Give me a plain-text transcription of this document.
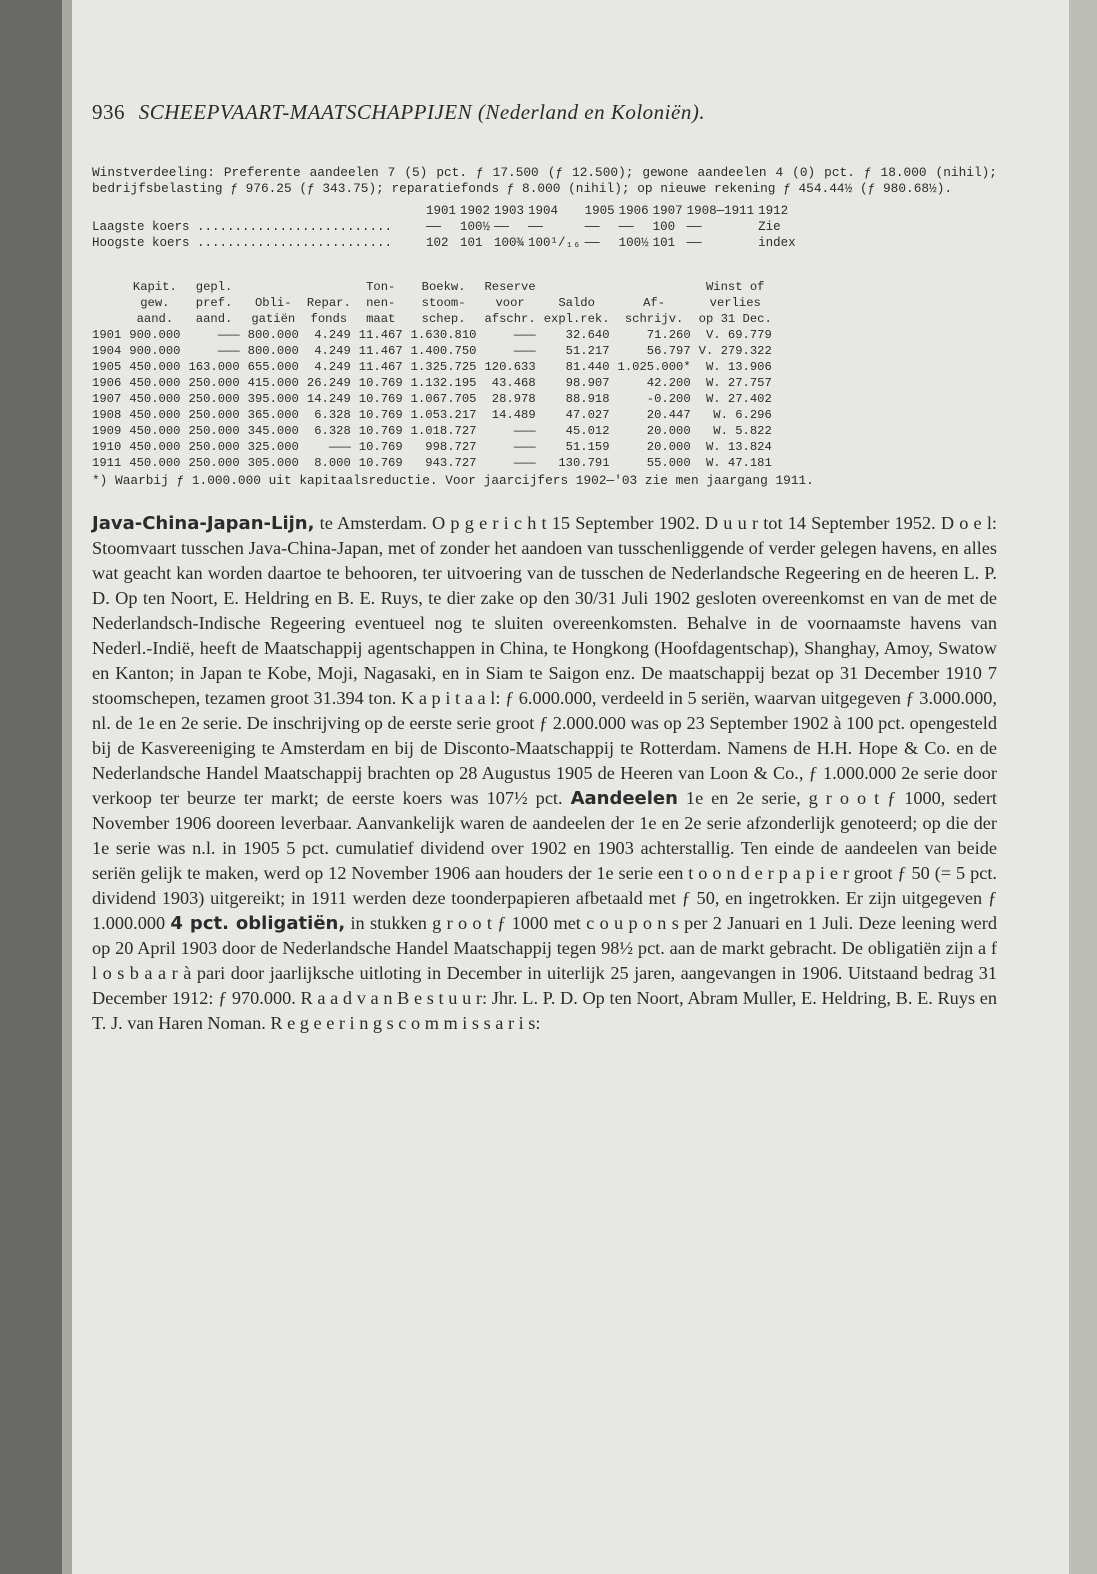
936 SCHEEPVAART-MAATSCHAPPIJEN (Nederland en Koloniën).
Winstverdeeling: Preferente aandeelen 7 (5) pct. ƒ 17.500 (ƒ 12.500); gewone aandeelen 4 (0) pct. ƒ 18.000 (nihil); bedrijfsbelasting ƒ 976.25 (ƒ 343.75); reparatiefonds ƒ 8.000 (nihil); op nieuwe rekening ƒ 454.44½ (ƒ 980.68½).
	1901	1902	1903	1904	1905	1906	1907	1908—1911	1912
Laagste koers ..........................	——	100½	——	——	——	——	100	——	Zie
Hoogste koers ..........................	102	101	100¾	100¹/₁₆	——	100½	101	——	index
	Kapit.	gepl.			Ton-	Boekw.	Reserve			Winst of
	gew.	pref.	Obli-	Repar.	nen-	stoom-	voor	Saldo	Af-	verlies
	aand.	aand.	gatiën	fonds	maat	schep.	afschr.	expl.rek.	schrijv.	op 31 Dec.
1901	900.000	———	800.000	4.249	11.467	1.630.810	———	32.640	71.260	V. 69.779
1904	900.000	———	800.000	4.249	11.467	1.400.750	———	51.217	56.797	V. 279.322
1905	450.000	163.000	655.000	4.249	11.467	1.325.725	120.633	81.440	1.025.000*	W. 13.906
1906	450.000	250.000	415.000	26.249	10.769	1.132.195	43.468	98.907	42.200	W. 27.757
1907	450.000	250.000	395.000	14.249	10.769	1.067.705	28.978	88.918	-0.200	W. 27.402
1908	450.000	250.000	365.000	6.328	10.769	1.053.217	14.489	47.027	20.447	W. 6.296
1909	450.000	250.000	345.000	6.328	10.769	1.018.727	———	45.012	20.000	W. 5.822
1910	450.000	250.000	325.000	———	10.769	998.727	———	51.159	20.000	W. 13.824
1911	450.000	250.000	305.000	8.000	10.769	943.727	———	130.791	55.000	W. 47.181
*) Waarbij ƒ 1.000.000 uit kapitaalsreductie. Voor jaarcijfers 1902—'03 zie men jaargang 1911.

Java-China-Japan-Lijn, te Amsterdam. O p g e r i c h t 15 September 1902. D u u r tot 14 September 1952. D o e l: Stoomvaart tusschen Java-China-Japan, met of zonder het aandoen van tusschenliggende of verder gelegen havens, en alles wat geacht kan worden daartoe te behooren, ter uitvoering van de tusschen de Nederlandsche Regeering en de heeren L. P. D. Op ten Noort, E. Heldring en B. E. Ruys, te dier zake op den 30/31 Juli 1902 gesloten overeenkomst en van de met de Nederlandsch-Indische Regeering eventueel nog te sluiten overeenkomsten. Behalve in de voornaamste havens van Nederl.-Indië, heeft de Maatschappij agentschappen in China, te Hongkong (Hoofdagentschap), Shanghay, Amoy, Swatow en Kanton; in Japan te Kobe, Moji, Nagasaki, en in Siam te Saigon enz. De maatschappij bezat op 31 December 1910 7 stoomschepen, tezamen groot 31.394 ton. K a p i t a a l: ƒ 6.000.000, verdeeld in 5 seriën, waarvan uitgegeven ƒ 3.000.000, nl. de 1e en 2e serie. De inschrijving op de eerste serie groot ƒ 2.000.000 was op 23 September 1902 à 100 pct. opengesteld bij de Kasvereeniging te Amsterdam en bij de Disconto-Maatschappij te Rotterdam. Namens de H.H. Hope & Co. en de Nederlandsche Handel Maatschappij brachten op 28 Augustus 1905 de Heeren van Loon & Co., ƒ 1.000.000 2e serie door verkoop ter beurze ter markt; de eerste koers was 107½ pct. Aandeelen 1e en 2e serie, g r o o t ƒ 1000, sedert November 1906 dooreen leverbaar. Aanvankelijk waren de aandeelen der 1e en 2e serie afzonderlijk genoteerd; op die der 1e serie was n.l. in 1905 5 pct. cumulatief dividend over 1902 en 1903 achterstallig. Ten einde de aandeelen van beide seriën gelijk te maken, werd op 12 November 1906 aan houders der 1e serie een t o o n d e r p a p i e r groot ƒ 50 (= 5 pct. dividend 1903) uitgereikt; in 1911 werden deze toonderpapieren afbetaald met ƒ 50, en ingetrokken. Er zijn uitgegeven ƒ 1.000.000 4 pct. obligatiën, in stukken g r o o t ƒ 1000 met c o u p o n s per 2 Januari en 1 Juli. Deze leening werd op 20 April 1903 door de Nederlandsche Handel Maatschappij tegen 98½ pct. aan de markt gebracht. De obligatiën zijn a f l o s b a a r à pari door jaarlijksche uitloting in December in uiterlijk 25 jaren, aangevangen in 1906. Uitstaand bedrag 31 December 1912: ƒ 970.000. R a a d v a n B e s t u u r: Jhr. L. P. D. Op ten Noort, Abram Muller, E. Heldring, B. E. Ruys en T. J. van Haren Noman. R e g e e r i n g s c o m m i s s a r i s:
